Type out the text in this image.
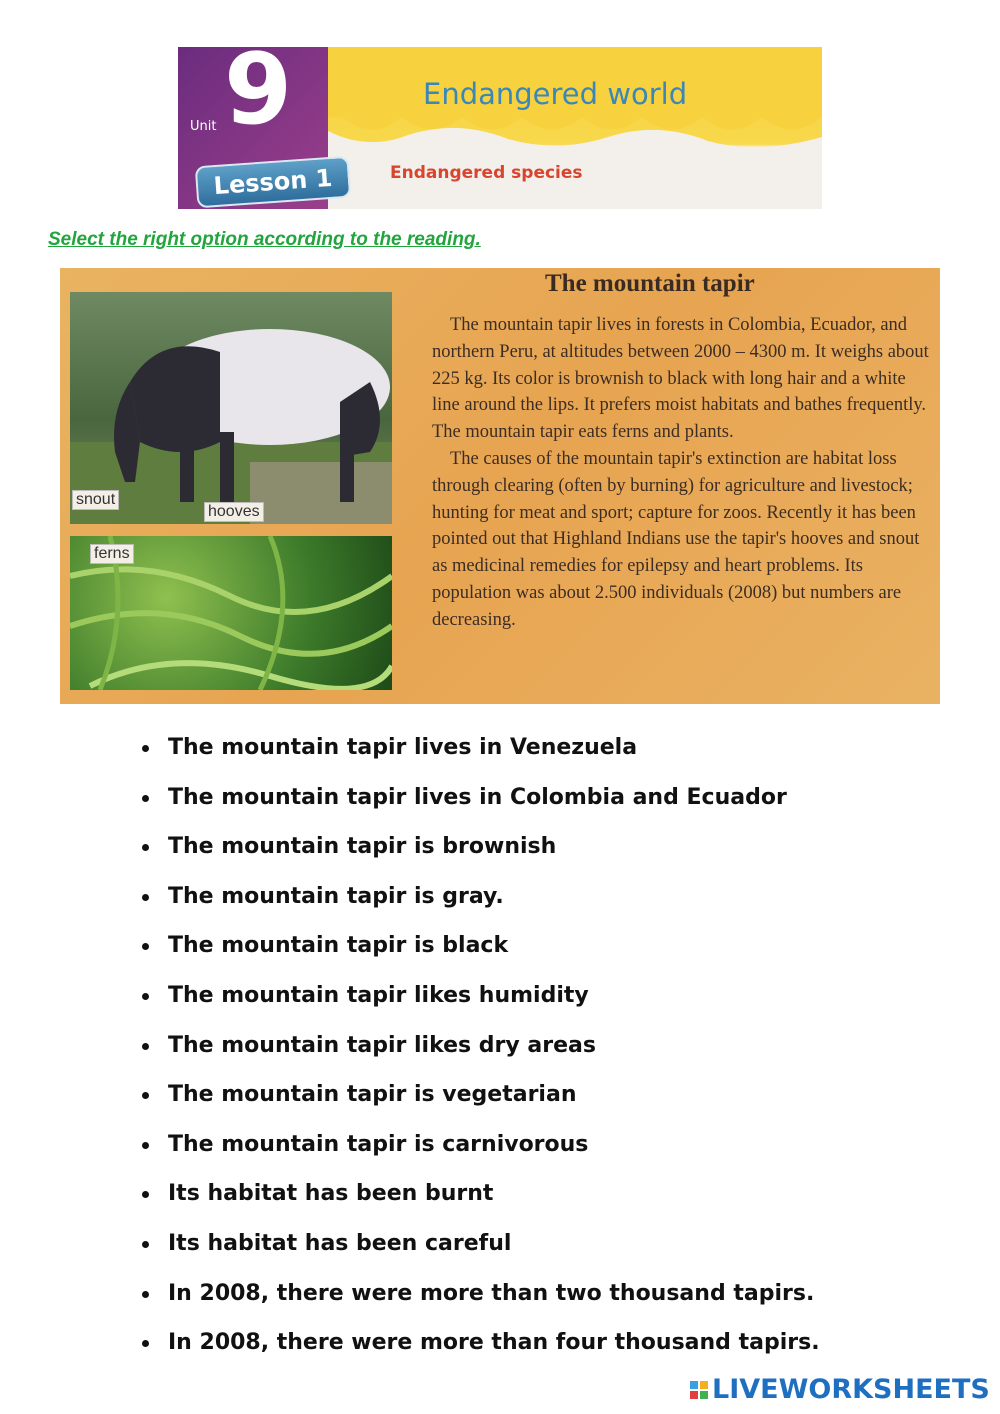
Unit 9	Endangered world
Lesson 1	Endangered species
Select the right option according to the reading.
snout
hooves
ferns
The mountain tapir

The mountain tapir lives in forests in Colombia, Ecuador, and northern Peru, at altitudes between 2000 – 4300 m. It weighs about 225 kg. Its color is brownish to black with long hair and a white line around the lips. It prefers moist habitats and bathes frequently. The mountain tapir eats ferns and plants.

The causes of the mountain tapir's extinction are habitat loss through clearing (often by burning) for agriculture and livestock; hunting for meat and sport; capture for zoos. Recently it has been pointed out that Highland Indians use the tapir's hooves and snout as medicinal remedies for epilepsy and heart problems. Its population was about 2.500 individuals (2008) but numbers are decreasing.

The mountain tapir lives in Venezuela
The mountain tapir lives in Colombia and Ecuador
The mountain tapir is brownish
The mountain tapir is gray.
The mountain tapir is black
The mountain tapir likes humidity
The mountain tapir likes dry areas
The mountain tapir is vegetarian
The mountain tapir is carnivorous
Its habitat has been burnt
Its habitat has been careful
In 2008, there were more than two thousand tapirs.
In 2008, there were more than four thousand tapirs.
LIVEWORKSHEETS
